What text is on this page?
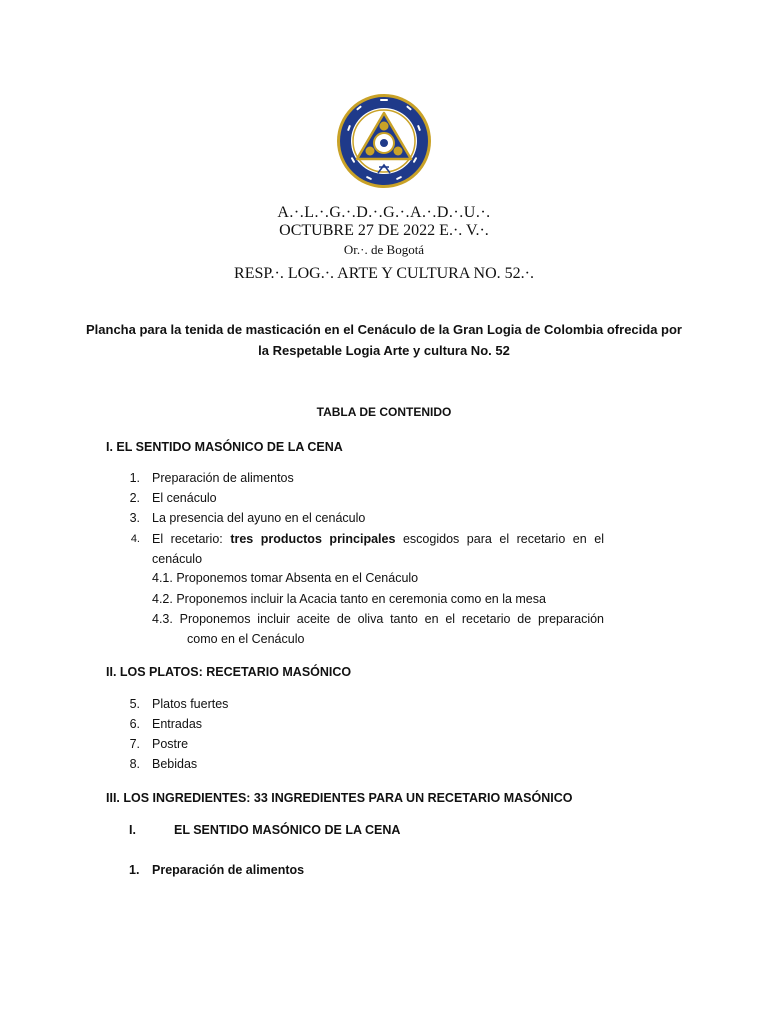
A.·.L.·.G.·.D.·.G.·.A.·.D.·.U.·.
OCTUBRE 27 DE 2022 E.·. V.·.
Or.·. de Bogotá
RESP.·. LOG.·. ARTE Y CULTURA NO. 52.·.
Plancha para la tenida de masticación en el Cenáculo de la Gran Logia de Colombia ofrecida por
la Respetable Logia Arte y cultura No. 52
TABLA DE CONTENIDO
I. EL SENTIDO MASÓNICO DE LA CENA
1. Preparación de alimentos
2. El cenáculo
3. La presencia del ayuno en el cenáculo
4. El recetario: tres productos principales escogidos para el recetario en el
cenáculo
4.1. Proponemos tomar Absenta en el Cenáculo
4.2. Proponemos incluir la Acacia tanto en ceremonia como en la mesa
4.3. Proponemos incluir aceite de oliva tanto en el recetario de preparación
como en el Cenáculo
II. LOS PLATOS: RECETARIO MASÓNICO
5. Platos fuertes
6. Entradas
7. Postre
8. Bebidas
III. LOS INGREDIENTES: 33 INGREDIENTES PARA UN RECETARIO MASÓNICO
I.	EL SENTIDO MASÓNICO DE LA CENA
1. Preparación de alimentos
